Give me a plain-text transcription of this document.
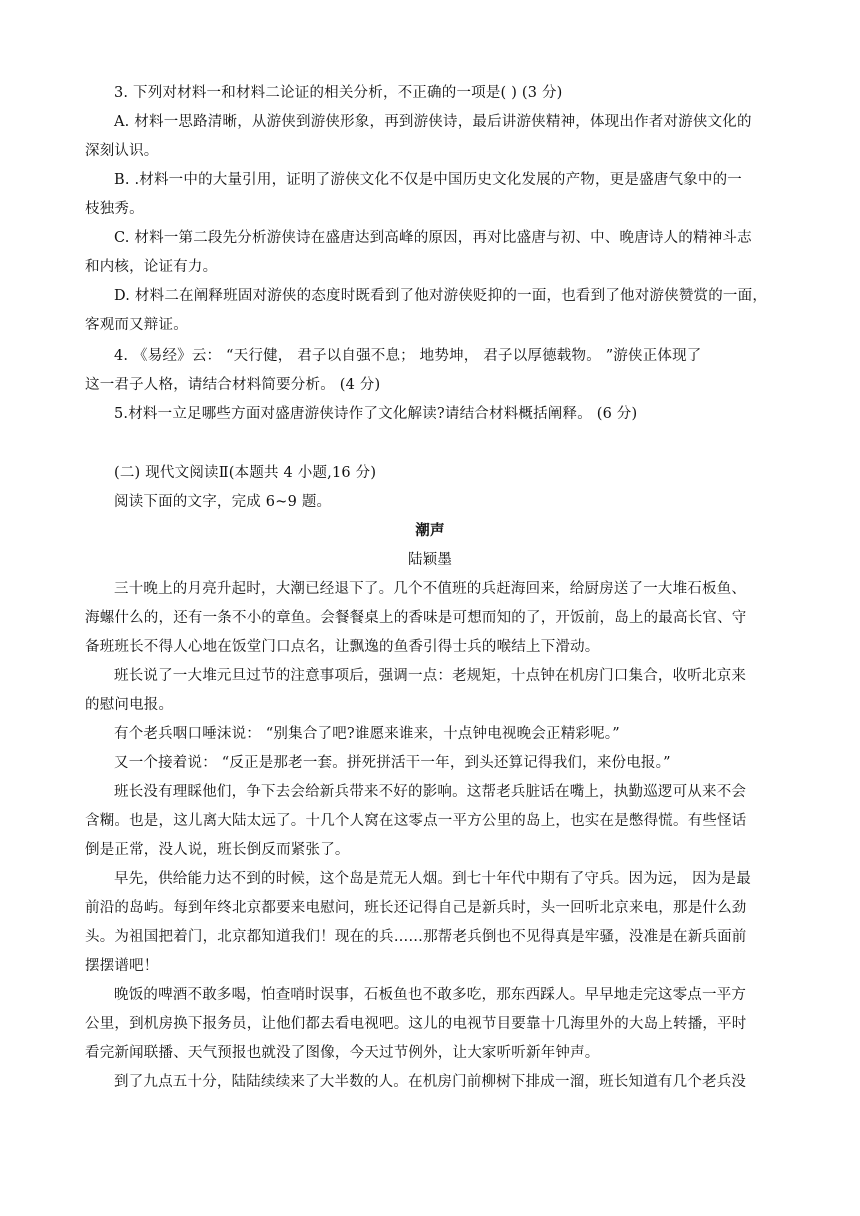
3. 下列对材料一和材料二论证的相关分析，不正确的一项是( ) (3 分)
A. 材料一思路清晰，从游侠到游侠形象，再到游侠诗，最后讲游侠精神，体现出作者对游侠文化的
深刻认识。
B. .材料一中的大量引用，证明了游侠文化不仅是中国历史文化发展的产物，更是盛唐气象中的一
枝独秀。
C. 材料一第二段先分析游侠诗在盛唐达到高峰的原因，再对比盛唐与初、中、晚唐诗人的精神斗志
和内核，论证有力。
D. 材料二在阐释班固对游侠的态度时既看到了他对游侠贬抑的一面，也看到了他对游侠赞赏的一面，
客观而又辩证。
4. 《易经》云： “天行健， 君子以自强不息； 地势坤， 君子以厚德载物。 ”游侠正体现了
这一君子人格，请结合材料简要分析。 (4 分)
5.材料一立足哪些方面对盛唐游侠诗作了文化解读?请结合材料概括阐释。 (6 分)
(二) 现代文阅读Ⅱ(本题共 4 小题,16 分)
阅读下面的文字，完成 6~9 题。
潮声
陆颖墨
三十晚上的月亮升起时，大潮已经退下了。几个不值班的兵赶海回来，给厨房送了一大堆石板鱼、
海螺什么的，还有一条不小的章鱼。会餐餐桌上的香味是可想而知的了，开饭前，岛上的最高长官、守
备班班长不得人心地在饭堂门口点名，让飘逸的鱼香引得士兵的喉结上下滑动。
班长说了一大堆元旦过节的注意事项后，强调一点：老规矩，十点钟在机房门口集合，收听北京来
的慰问电报。
有个老兵咽口唾沫说： “别集合了吧?谁愿来谁来，十点钟电视晚会正精彩呢。”
又一个接着说： “反正是那老一套。拼死拼活干一年，到头还算记得我们，来份电报。”
班长没有理睬他们，争下去会给新兵带来不好的影响。这帮老兵脏话在嘴上，执勤巡逻可从来不会
含糊。也是，这儿离大陆太远了。十几个人窝在这零点一平方公里的岛上，也实在是憋得慌。有些怪话
倒是正常，没人说，班长倒反而紧张了。
早先，供给能力达不到的时候，这个岛是荒无人烟。到七十年代中期有了守兵。因为远， 因为是最
前沿的岛屿。每到年终北京都要来电慰问，班长还记得自己是新兵时，头一回听北京来电，那是什么劲
头。为祖国把着门，北京都知道我们！现在的兵……那帮老兵倒也不见得真是牢骚，没准是在新兵面前
摆摆谱吧！
晚饭的啤酒不敢多喝，怕查哨时误事，石板鱼也不敢多吃，那东西踩人。早早地走完这零点一平方
公里，到机房换下报务员，让他们都去看电视吧。这儿的电视节目要靠十几海里外的大岛上转播，平时
看完新闻联播、天气预报也就没了图像，今天过节例外，让大家听听新年钟声。
到了九点五十分，陆陆续续来了大半数的人。在机房门前柳树下排成一溜，班长知道有几个老兵没
